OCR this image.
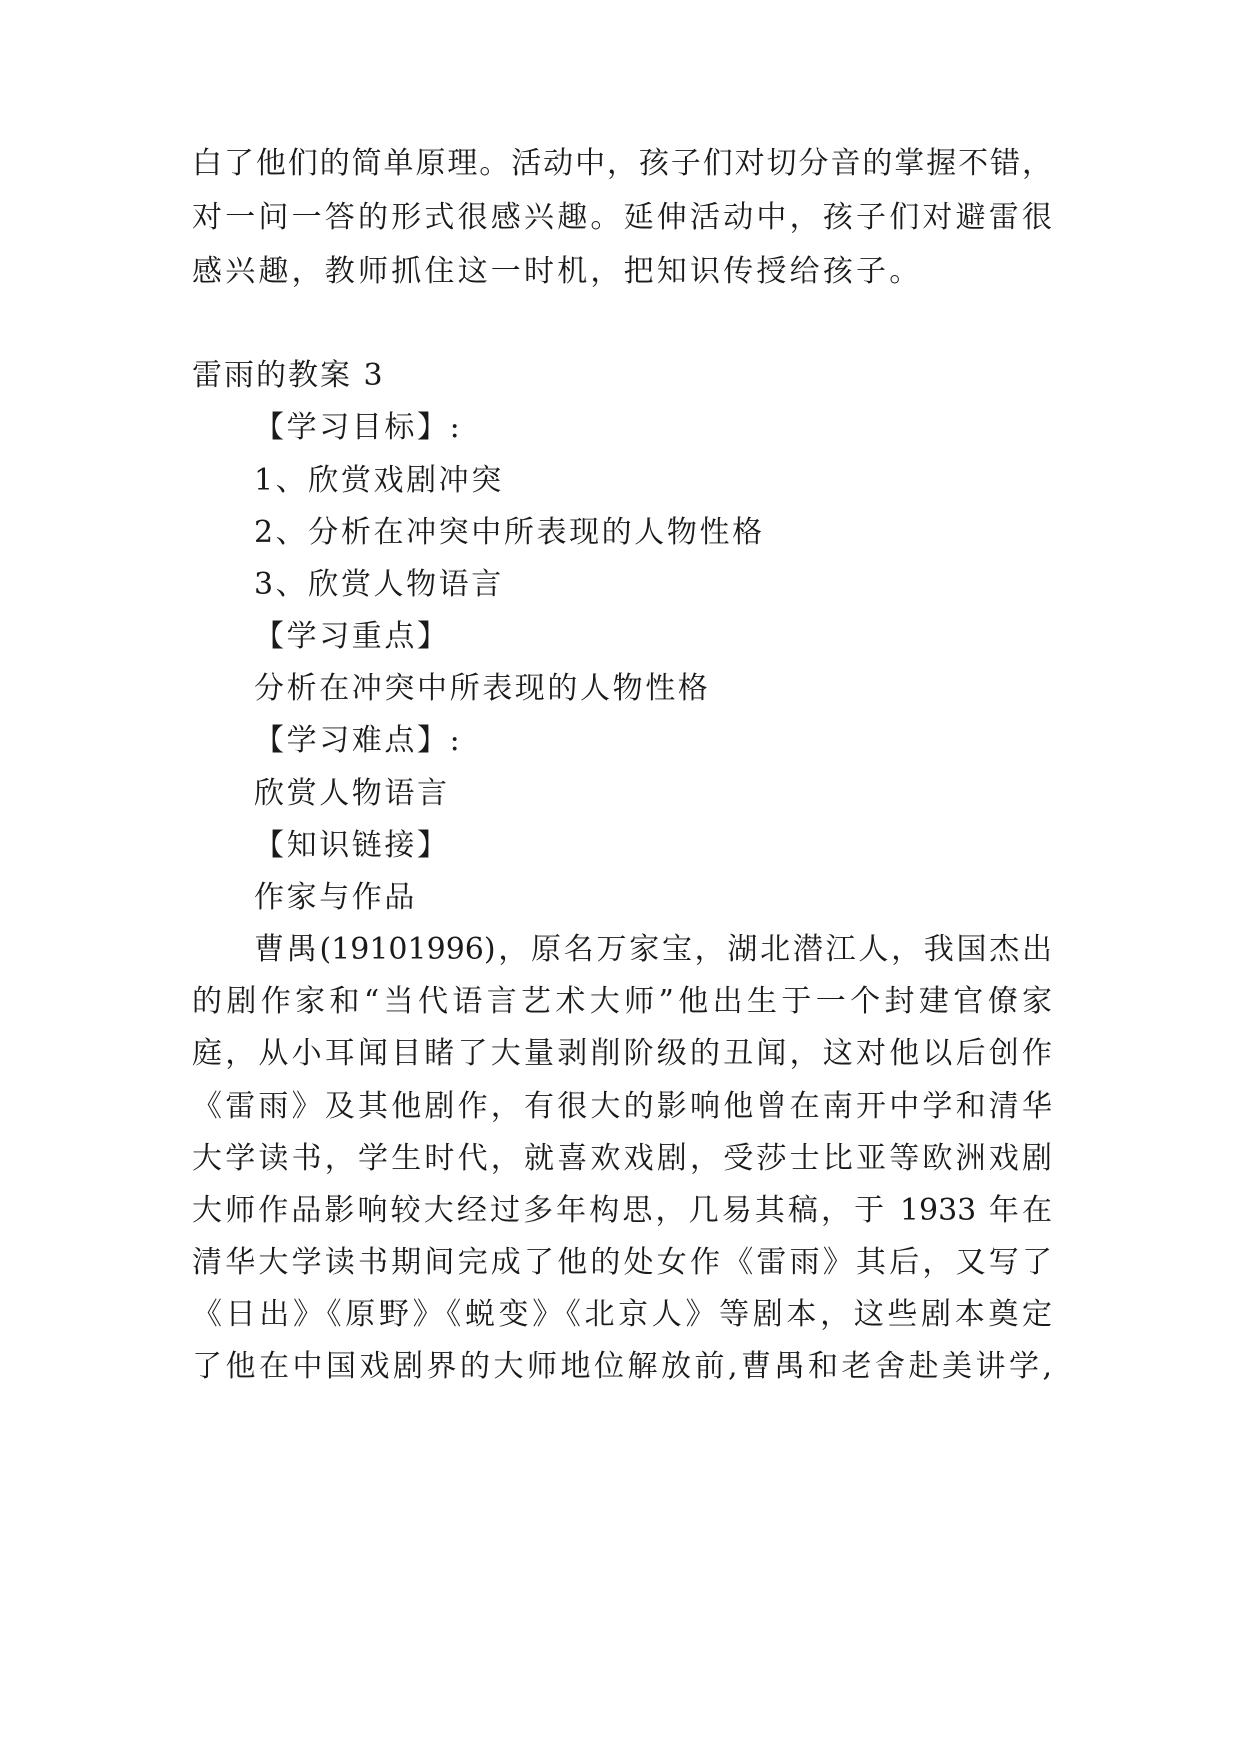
白了他们的简单原理。活动中，孩子们对切分音的掌握不错，
对一问一答的形式很感兴趣。延伸活动中，孩子们对避雷很
感兴趣，教师抓住这一时机，把知识传授给孩子。
雷雨的教案 3
【学习目标】:
1、欣赏戏剧冲突
2、分析在冲突中所表现的人物性格
3、欣赏人物语言
【学习重点】
分析在冲突中所表现的人物性格
【学习难点】:
欣赏人物语言
【知识链接】
作家与作品
曹禺(19101996)，原名万家宝，湖北潜江人，我国杰出
的剧作家和“当代语言艺术大师”他出生于一个封建官僚家
庭，从小耳闻目睹了大量剥削阶级的丑闻，这对他以后创作
《雷雨》及其他剧作，有很大的影响他曾在南开中学和清华
大学读书，学生时代，就喜欢戏剧，受莎士比亚等欧洲戏剧
大师作品影响较大经过多年构思，几易其稿，于 1933 年在
清华大学读书期间完成了他的处女作《雷雨》其后，又写了
《日出》《原野》《蜕变》《北京人》等剧本，这些剧本奠定
了他在中国戏剧界的大师地位解放前,曹禺和老舍赴美讲学,
